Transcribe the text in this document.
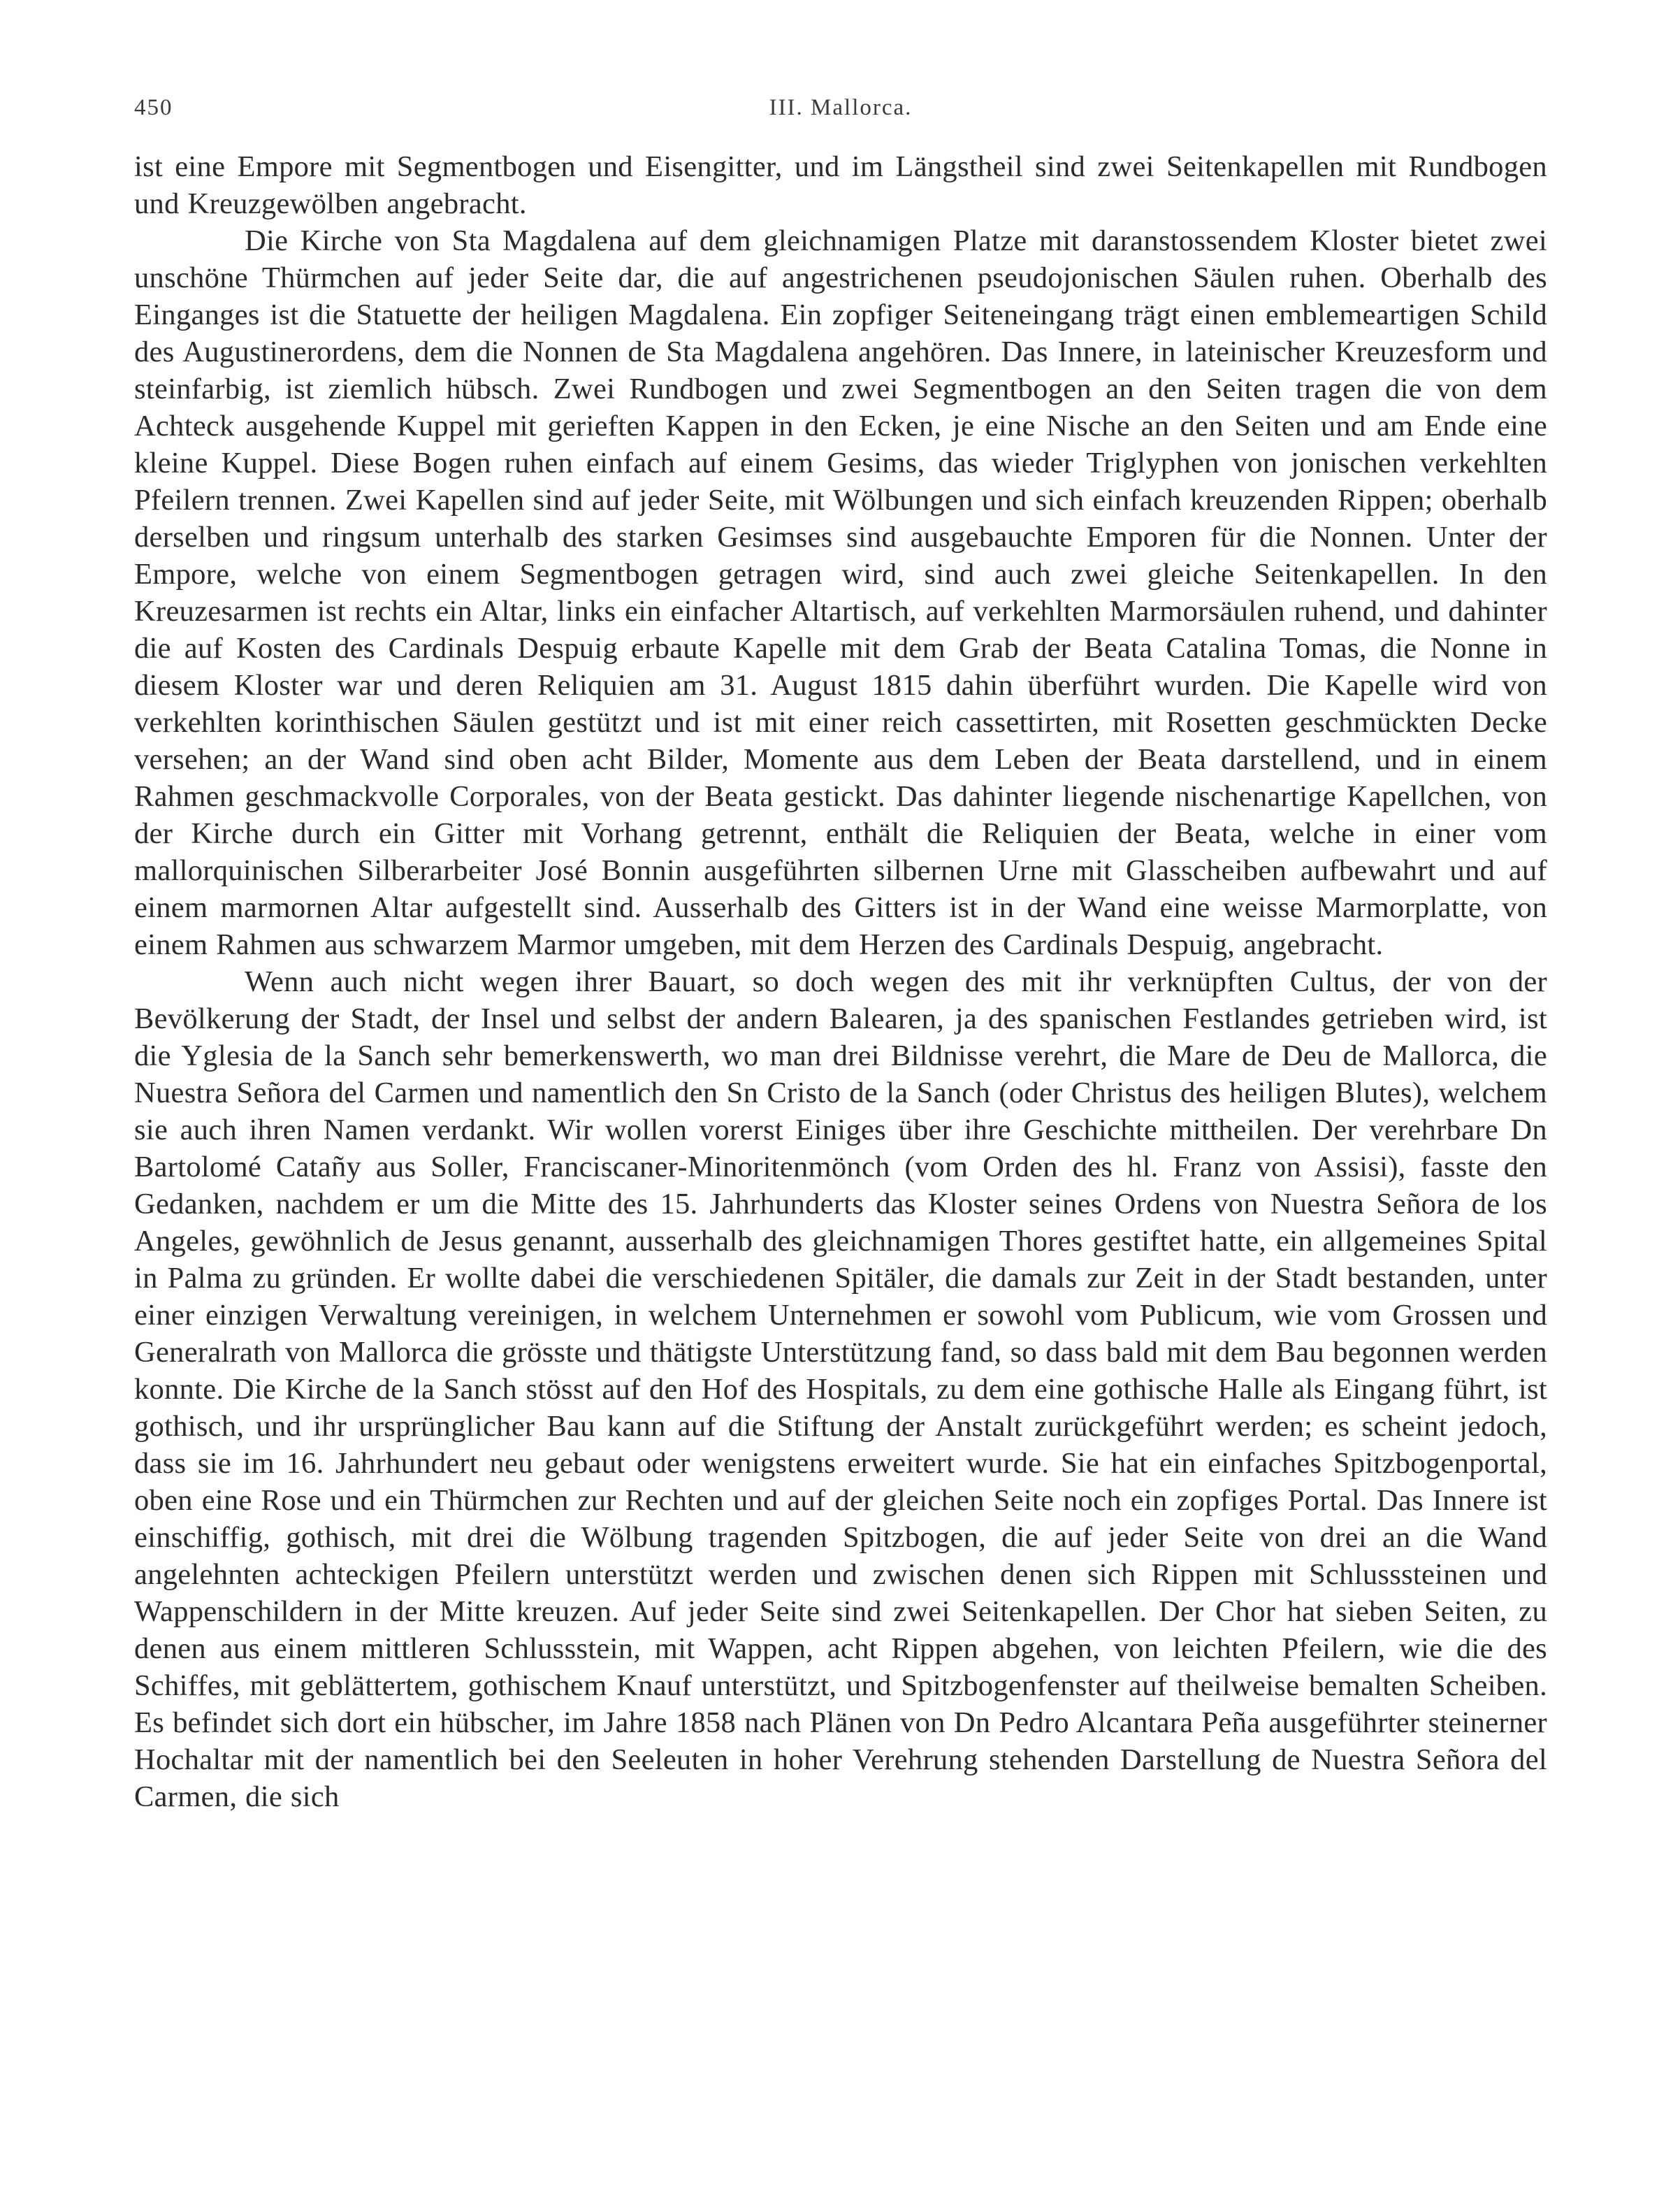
450	III. Mallorca.

ist eine Empore mit Segmentbogen und Eisengitter, und im Längstheil sind zwei Seitenkapellen mit Rundbogen und Kreuzgewölben angebracht.

Die Kirche von Sta Magdalena auf dem gleichnamigen Platze mit daranstossendem Kloster bietet zwei unschöne Thürmchen auf jeder Seite dar, die auf angestrichenen pseudojonischen Säulen ruhen. Oberhalb des Einganges ist die Statuette der heiligen Magdalena. Ein zopfiger Seiteneingang trägt einen emblemeartigen Schild des Augustinerordens, dem die Nonnen de Sta Magdalena angehören. Das Innere, in lateinischer Kreuzesform und steinfarbig, ist ziemlich hübsch. Zwei Rundbogen und zwei Segmentbogen an den Seiten tragen die von dem Achteck ausgehende Kuppel mit gerieften Kappen in den Ecken, je eine Nische an den Seiten und am Ende eine kleine Kuppel. Diese Bogen ruhen einfach auf einem Gesims, das wieder Triglyphen von jonischen verkehlten Pfeilern trennen. Zwei Kapellen sind auf jeder Seite, mit Wölbungen und sich einfach kreuzenden Rippen; oberhalb derselben und ringsum unterhalb des starken Gesimses sind ausgebauchte Emporen für die Nonnen. Unter der Empore, welche von einem Segmentbogen getragen wird, sind auch zwei gleiche Seitenkapellen. In den Kreuzesarmen ist rechts ein Altar, links ein einfacher Altartisch, auf verkehlten Marmorsäulen ruhend, und dahinter die auf Kosten des Cardinals Despuig erbaute Kapelle mit dem Grab der Beata Catalina Tomas, die Nonne in diesem Kloster war und deren Reliquien am 31. August 1815 dahin überführt wurden. Die Kapelle wird von verkehlten korinthischen Säulen gestützt und ist mit einer reich cassettirten, mit Rosetten geschmückten Decke versehen; an der Wand sind oben acht Bilder, Momente aus dem Leben der Beata darstellend, und in einem Rahmen geschmackvolle Corporales, von der Beata gestickt. Das dahinter liegende nischenartige Kapellchen, von der Kirche durch ein Gitter mit Vorhang getrennt, enthält die Reliquien der Beata, welche in einer vom mallorquinischen Silberarbeiter José Bonnin ausgeführten silbernen Urne mit Glasscheiben aufbewahrt und auf einem marmornen Altar aufgestellt sind. Ausserhalb des Gitters ist in der Wand eine weisse Marmorplatte, von einem Rahmen aus schwarzem Marmor umgeben, mit dem Herzen des Cardinals Despuig, angebracht.

Wenn auch nicht wegen ihrer Bauart, so doch wegen des mit ihr verknüpften Cultus, der von der Bevölkerung der Stadt, der Insel und selbst der andern Balearen, ja des spanischen Festlandes getrieben wird, ist die Yglesia de la Sanch sehr bemerkenswerth, wo man drei Bildnisse verehrt, die Mare de Deu de Mallorca, die Nuestra Señora del Carmen und namentlich den Sn Cristo de la Sanch (oder Christus des heiligen Blutes), welchem sie auch ihren Namen verdankt. Wir wollen vorerst Einiges über ihre Geschichte mittheilen. Der verehrbare Dn Bartolomé Catañy aus Soller, Franciscaner-Minoritenmönch (vom Orden des hl. Franz von Assisi), fasste den Gedanken, nachdem er um die Mitte des 15. Jahrhunderts das Kloster seines Ordens von Nuestra Señora de los Angeles, gewöhnlich de Jesus genannt, ausserhalb des gleichnamigen Thores gestiftet hatte, ein allgemeines Spital in Palma zu gründen. Er wollte dabei die verschiedenen Spitäler, die damals zur Zeit in der Stadt bestanden, unter einer einzigen Verwaltung vereinigen, in welchem Unternehmen er sowohl vom Publicum, wie vom Grossen und Generalrath von Mallorca die grösste und thätigste Unterstützung fand, so dass bald mit dem Bau begonnen werden konnte. Die Kirche de la Sanch stösst auf den Hof des Hospitals, zu dem eine gothische Halle als Eingang führt, ist gothisch, und ihr ursprünglicher Bau kann auf die Stiftung der Anstalt zurückgeführt werden; es scheint jedoch, dass sie im 16. Jahrhundert neu gebaut oder wenigstens erweitert wurde. Sie hat ein einfaches Spitzbogenportal, oben eine Rose und ein Thürmchen zur Rechten und auf der gleichen Seite noch ein zopfiges Portal. Das Innere ist einschiffig, gothisch, mit drei die Wölbung tragenden Spitzbogen, die auf jeder Seite von drei an die Wand angelehnten achteckigen Pfeilern unterstützt werden und zwischen denen sich Rippen mit Schlusssteinen und Wappenschildern in der Mitte kreuzen. Auf jeder Seite sind zwei Seitenkapellen. Der Chor hat sieben Seiten, zu denen aus einem mittleren Schlussstein, mit Wappen, acht Rippen abgehen, von leichten Pfeilern, wie die des Schiffes, mit geblättertem, gothischem Knauf unterstützt, und Spitzbogenfenster auf theilweise bemalten Scheiben. Es befindet sich dort ein hübscher, im Jahre 1858 nach Plänen von Dn Pedro Alcantara Peña ausgeführter steinerner Hochaltar mit der namentlich bei den Seeleuten in hoher Verehrung stehenden Darstellung de Nuestra Señora del Carmen, die sich
